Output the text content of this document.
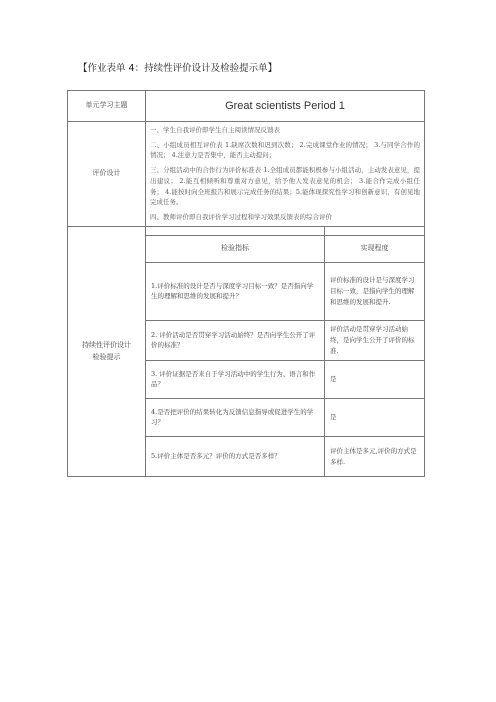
【作业表单 4：持续性评价设计及检验提示单】
单元学习主题	Great scientists Period 1
评价设计	

一、学生自我评价即学生自主阅读情况反馈表

二、小组成员相互评价表 1.缺席次数和迟到次数； 2.完成课堂作业的情况； 3.与同学合作的情况； 4.注意力是否集中，能否主动提问；

三、分组活动中的合作行为评价标准表 1.全组成员都能积极参与小组活动，主动发表意见，提出建议； 2.能互相倾听和尊重对方意见，给予他人发表意见的机会； 3.能合作完成小组任务； 4.能按时向全班报告和展示完成任务的结果；5.能体现探究性学习和创新意识，有创见地完成任务。

四、教师评价即自我评价学习过程和学习效果反馈表的综合评价

持续性评价设计
检验提示

检验指标	实现程度
1.评价标准的设计是否与深度学习目标一致？是否指向学生的理解和思维的发展和提升？	评价标准的设计是与深度学习目标一致，是指向学生的理解和思维的发展和提升.
2. 评价活动是否贯穿学习活动始终？是否向学生公开了评价的标准？	评价活动是贯穿学习活动始终，是向学生公开了评价的标准.
3. 评价证据是否来自于学习活动中的学生行为、语言和作品？	是
4.是否把评价的结果转化为反馈信息指导或促进学生的学习？	是
5.评价主体是否多元？评价的方式是否多样？	评价主体是多元,评价的方式是多样.
